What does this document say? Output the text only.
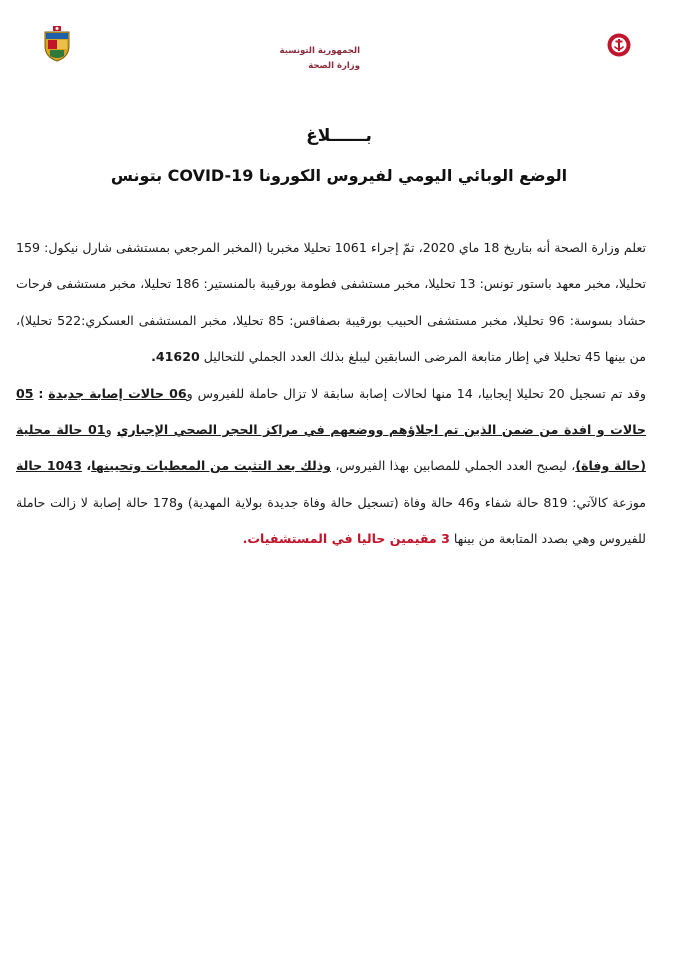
الجمهورية التونسية
وزارة الصحة
بــــــلاغ
الوضع الوبائي اليومي لفيروس الكورونا COVID-19 بتونس

تعلم وزارة الصحة أنه بتاريخ 18 ماي 2020، تمّ إجراء 1061 تحليلا مخبريا (المخبر المرجعي بمستشفى شارل نيكول: 159 تحليلا، مخبر معهد باستور تونس: 13 تحليلا، مخبر مستشفى فطومة بورقيبة بالمنستير: 186 تحليلا، مخبر مستشفى فرحات حشاد بسوسة: 96 تحليلا، مخبر مستشفى الحبيب بورقيبة بصفاقس: 85 تحليلا، مخبر المستشفى العسكري:522 تحليلا)، من بينها 45 تحليلا في إطار متابعة المرضى السابقين ليبلغ بذلك العدد الجملي للتحاليل 41620.

وقد تم تسجيل 20 تحليلا إيجابيا، 14 منها لحالات إصابة سابقة لا تزال حاملة للفيروس و06 حالات إصابة جديدة : 05 حالات و افدة من ضمن الذين تم اجلاؤهم ووضعهم في مراكز الحجر الصحي الإجباري و01 حالة محلية (حالة وفاة)، ليصبح العدد الجملي للمصابين بهذا الفيروس، وذلك بعد التثبت من المعطيات وتحيينها، 1043 حالة موزعة كالآتي: 819 حالة شفاء و46 حالة وفاة (تسجيل حالة وفاة جديدة بولاية المهدية) و178 حالة إصابة لا زالت حاملة للفيروس وهي بصدد المتابعة من بينها 3 مقيمين حاليا في المستشفيات.
